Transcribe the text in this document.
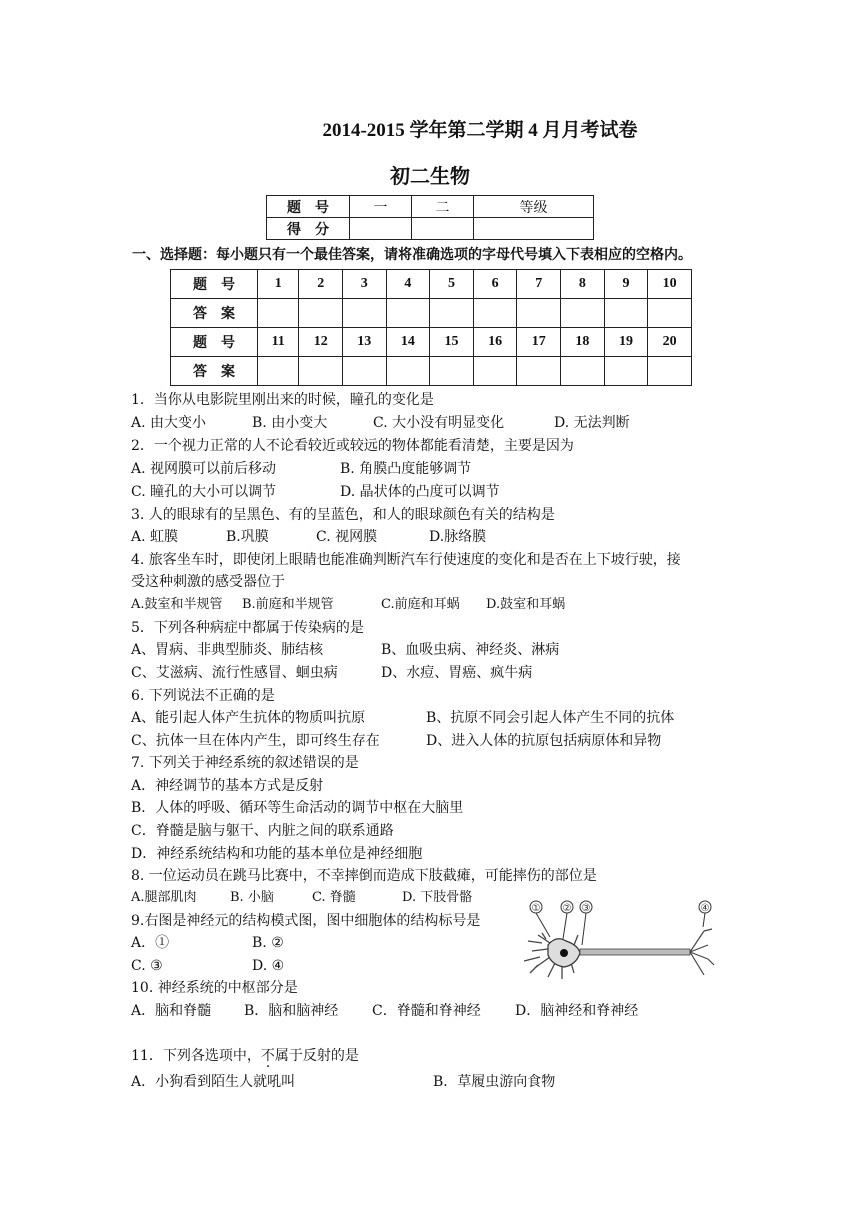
2014-2015 学年第二学期 4 月月考试卷
初二生物
题　号	一	二	等级
得　分			
一、选择题：每小题只有一个最佳答案，请将准确选项的字母代号填入下表相应的空格内。
题　号	1	2	3	4	5	6	7	8	9	10
答　案										
题　号	11	12	13	14	15	16	17	18	19	20
答　案										
1．当你从电影院里刚出来的时候，瞳孔的变化是
A. 由大变小	B. 由小变大	C. 大小没有明显变化	D. 无法判断
2．一个视力正常的人不论看较近或较远的物体都能看清楚，主要是因为
A. 视网膜可以前后移动	B. 角膜凸度能够调节
C. 瞳孔的大小可以调节	D. 晶状体的凸度可以调节
3. 人的眼球有的呈黑色、有的呈蓝色，和人的眼球颜色有关的结构是
A. 虹膜	B.巩膜	C. 视网膜	D.脉络膜
4. 旅客坐车时，即使闭上眼睛也能准确判断汽车行使速度的变化和是否在上下坡行驶，接
受这种刺激的感受器位于
A.鼓室和半规管 B.前庭和半规管	C.前庭和耳蜗 D.鼓室和耳蜗
5．下列各种病症中都属于传染病的是
A、胃病、非典型肺炎、肺结核	B、血吸虫病、神经炎、淋病
C、艾滋病、流行性感冒、蛔虫病	D、水痘、胃癌、疯牛病
6. 下列说法不正确的是
A、能引起人体产生抗体的物质叫抗原	B、抗原不同会引起人体产生不同的抗体
C、抗体一旦在体内产生，即可终生存在	D、进入人体的抗原包括病原体和异物
7. 下列关于神经系统的叙述错误的是
A．神经调节的基本方式是反射
B．人体的呼吸、循环等生命活动的调节中枢在大脑里
C．脊髓是脑与躯干、内脏之间的联系通路
D．神经系统结构和功能的基本单位是神经细胞
8. 一位运动员在跳马比赛中，不幸摔倒而造成下肢截瘫，可能摔伤的部位是
A.腿部肌肉	B. 小脑	C. 脊髓	D. 下肢骨骼
9.右图是神经元的结构模式图，图中细胞体的结构标号是
A．①	B. ②
C. ③	D. ④
① ② ③	④
10. 神经系统的中枢部分是
A．脑和脊髓 B．脑和脑神经 C．脊髓和脊神经 D．脑神经和脊神经
11．下列各选项中，不属于反射的是
A．小狗看到陌生人就吼叫	B．草履虫游向食物
